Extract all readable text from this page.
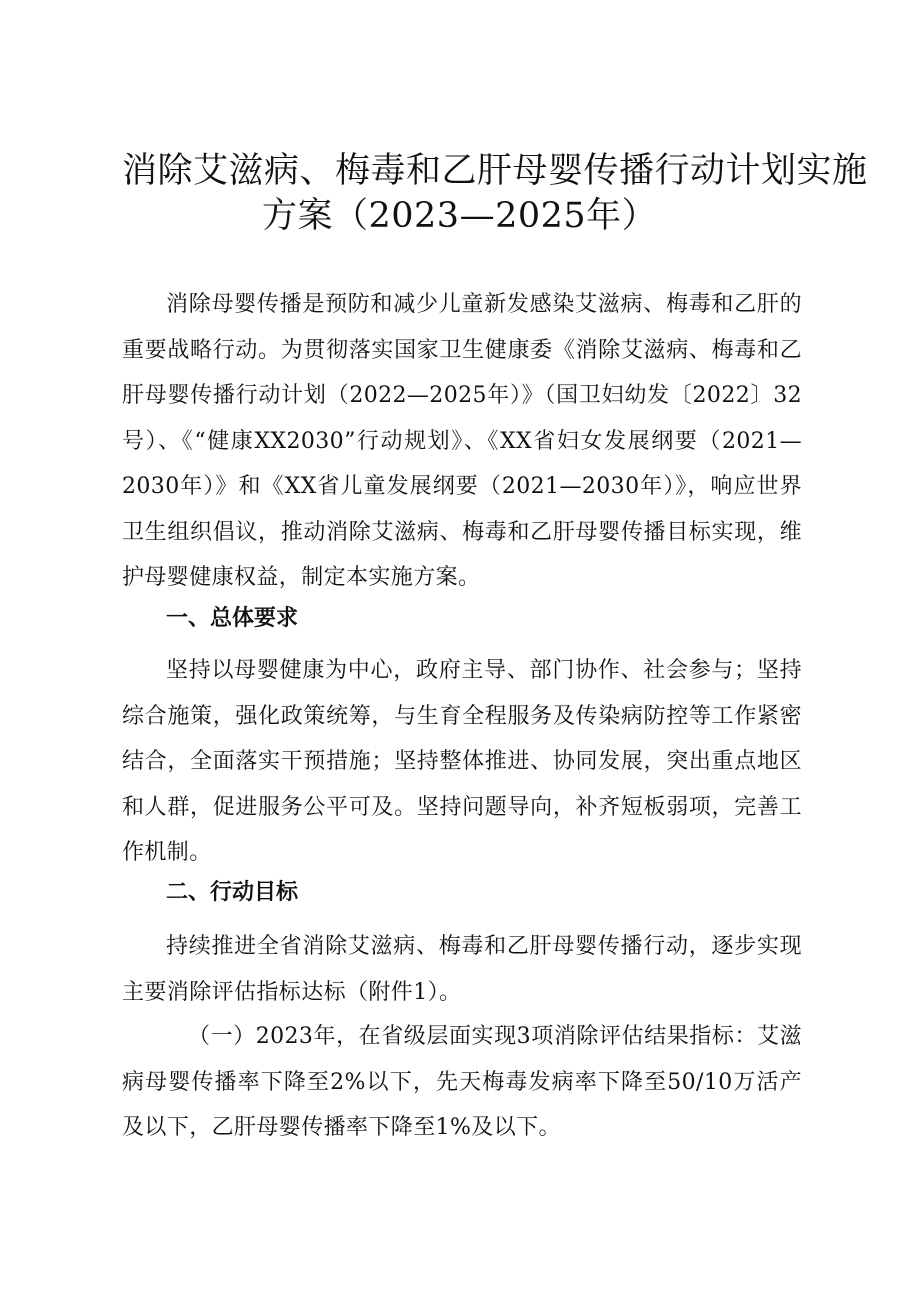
消除艾滋病、梅毒和乙肝母婴传播行动计划实施
方案（2023—2025年）

消除母婴传播是预防和减少儿童新发感染艾滋病、梅毒和乙肝的重要战略行动。为贯彻落实国家卫生健康委《消除艾滋病、梅毒和乙肝母婴传播行动计划（2022—2025年）》（国卫妇幼发〔2022〕32号）、《“健康XX2030”行动规划》、《XX省妇女发展纲要（2021—2030年）》和《XX省儿童发展纲要（2021—2030年）》，响应世界卫生组织倡议，推动消除艾滋病、梅毒和乙肝母婴传播目标实现，维护母婴健康权益，制定本实施方案。

一、总体要求

坚持以母婴健康为中心，政府主导、部门协作、社会参与；坚持综合施策，强化政策统筹，与生育全程服务及传染病防控等工作紧密结合，全面落实干预措施；坚持整体推进、协同发展，突出重点地区和人群，促进服务公平可及。坚持问题导向，补齐短板弱项，完善工作机制。

二、行动目标

持续推进全省消除艾滋病、梅毒和乙肝母婴传播行动，逐步实现主要消除评估指标达标（附件1）。

（一）2023年，在省级层面实现3项消除评估结果指标：艾滋病母婴传播率下降至2%以下，先天梅毒发病率下降至50/10万活产及以下，乙肝母婴传播率下降至1%及以下。
